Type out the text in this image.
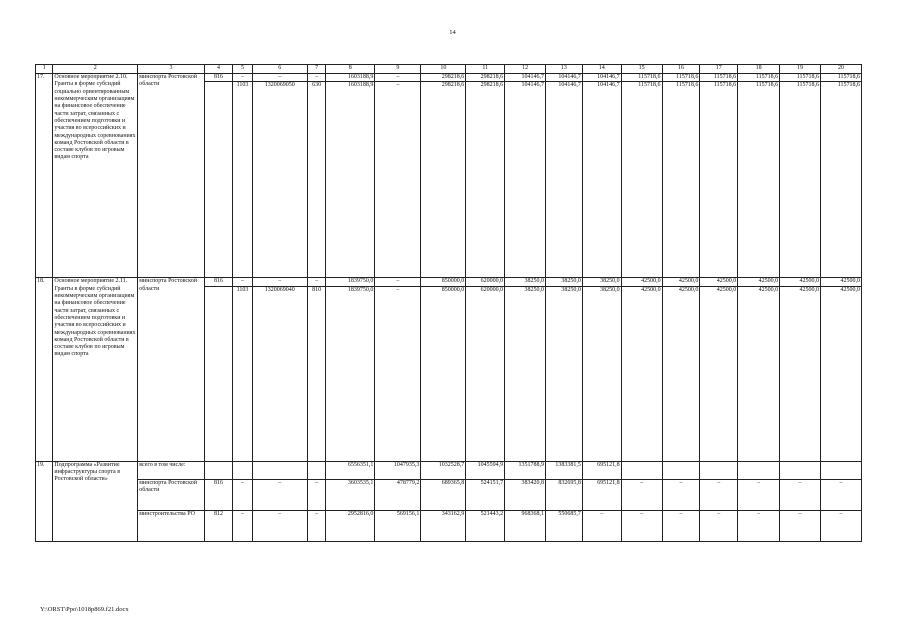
14
1	2	3	4	5	6	7	8	9	10	11	12	13	14	15	16	17	18	19	20
17.	Основное мероприятие 2.10. Гранты в форме субсидий социально ориентированным некоммерческим организациям на финансовое обеспечение части затрат, связанных с обеспечением подготовки и участия во всероссийских и международных соревнованиях команд Ростовской области в составе клубов по игровым видам спорта	минспорта Ростовской области	816	–	–	–	1603188,9	–	298218,6	298218,6	104146,7	104146,7	104146,7	115718,6	115718,6	115718,6	115718,6	115718,6	115718,6
				1103	1320069050	630	1603188,9	–	298218,6	298218,6	104146,7	104146,7	104146,7	115718,6	115718,6	115718,6	115718,6	115718,6	115718,6
18.	Основное мероприятие 2.11. Гранты в форме субсидий некоммерческим организациям на финансовое обеспечение части затрат, связанных с обеспечением подготовки и участия во всероссийских и международных соревнованиях команд Ростовской области в составе клубов по игровым видам спорта	минспорта Ростовской области	816	–	–	–	1839750,0	–	850000,0	620000,0	38250,0	38250,0	38250,0	42500,0	42500,0	42500,0	42500,0	42500,0	42500,0
				1103	1320069040	810	1839750,0	–	850000,0	620000,0	38250,0	38250,0	38250,0	42500,0	42500,0	42500,0	42500,0	42500,0	42500,0
19.	Подпрограмма «Развитие инфраструктуры спорта в Ростовской области»	всего в том числе:					6556351,1	1047935,3	1032528,7	1045594,9	1351788,9	1383381,5	695121,8						
		минспорта Ростовской области	816	–	–	–	3603535,1	478779,2	689365,8	524151,7	383420,8	832695,8	695121,8	–	–	–	–	–	–
		минстроительства РО	812	–	–	–	2952816,0	569156,1	343162,9	521443,2	968368,1	550685,7	–	–	–	–	–	–	–
Y:\ORST\Ppo\1018p869.f21.docx
